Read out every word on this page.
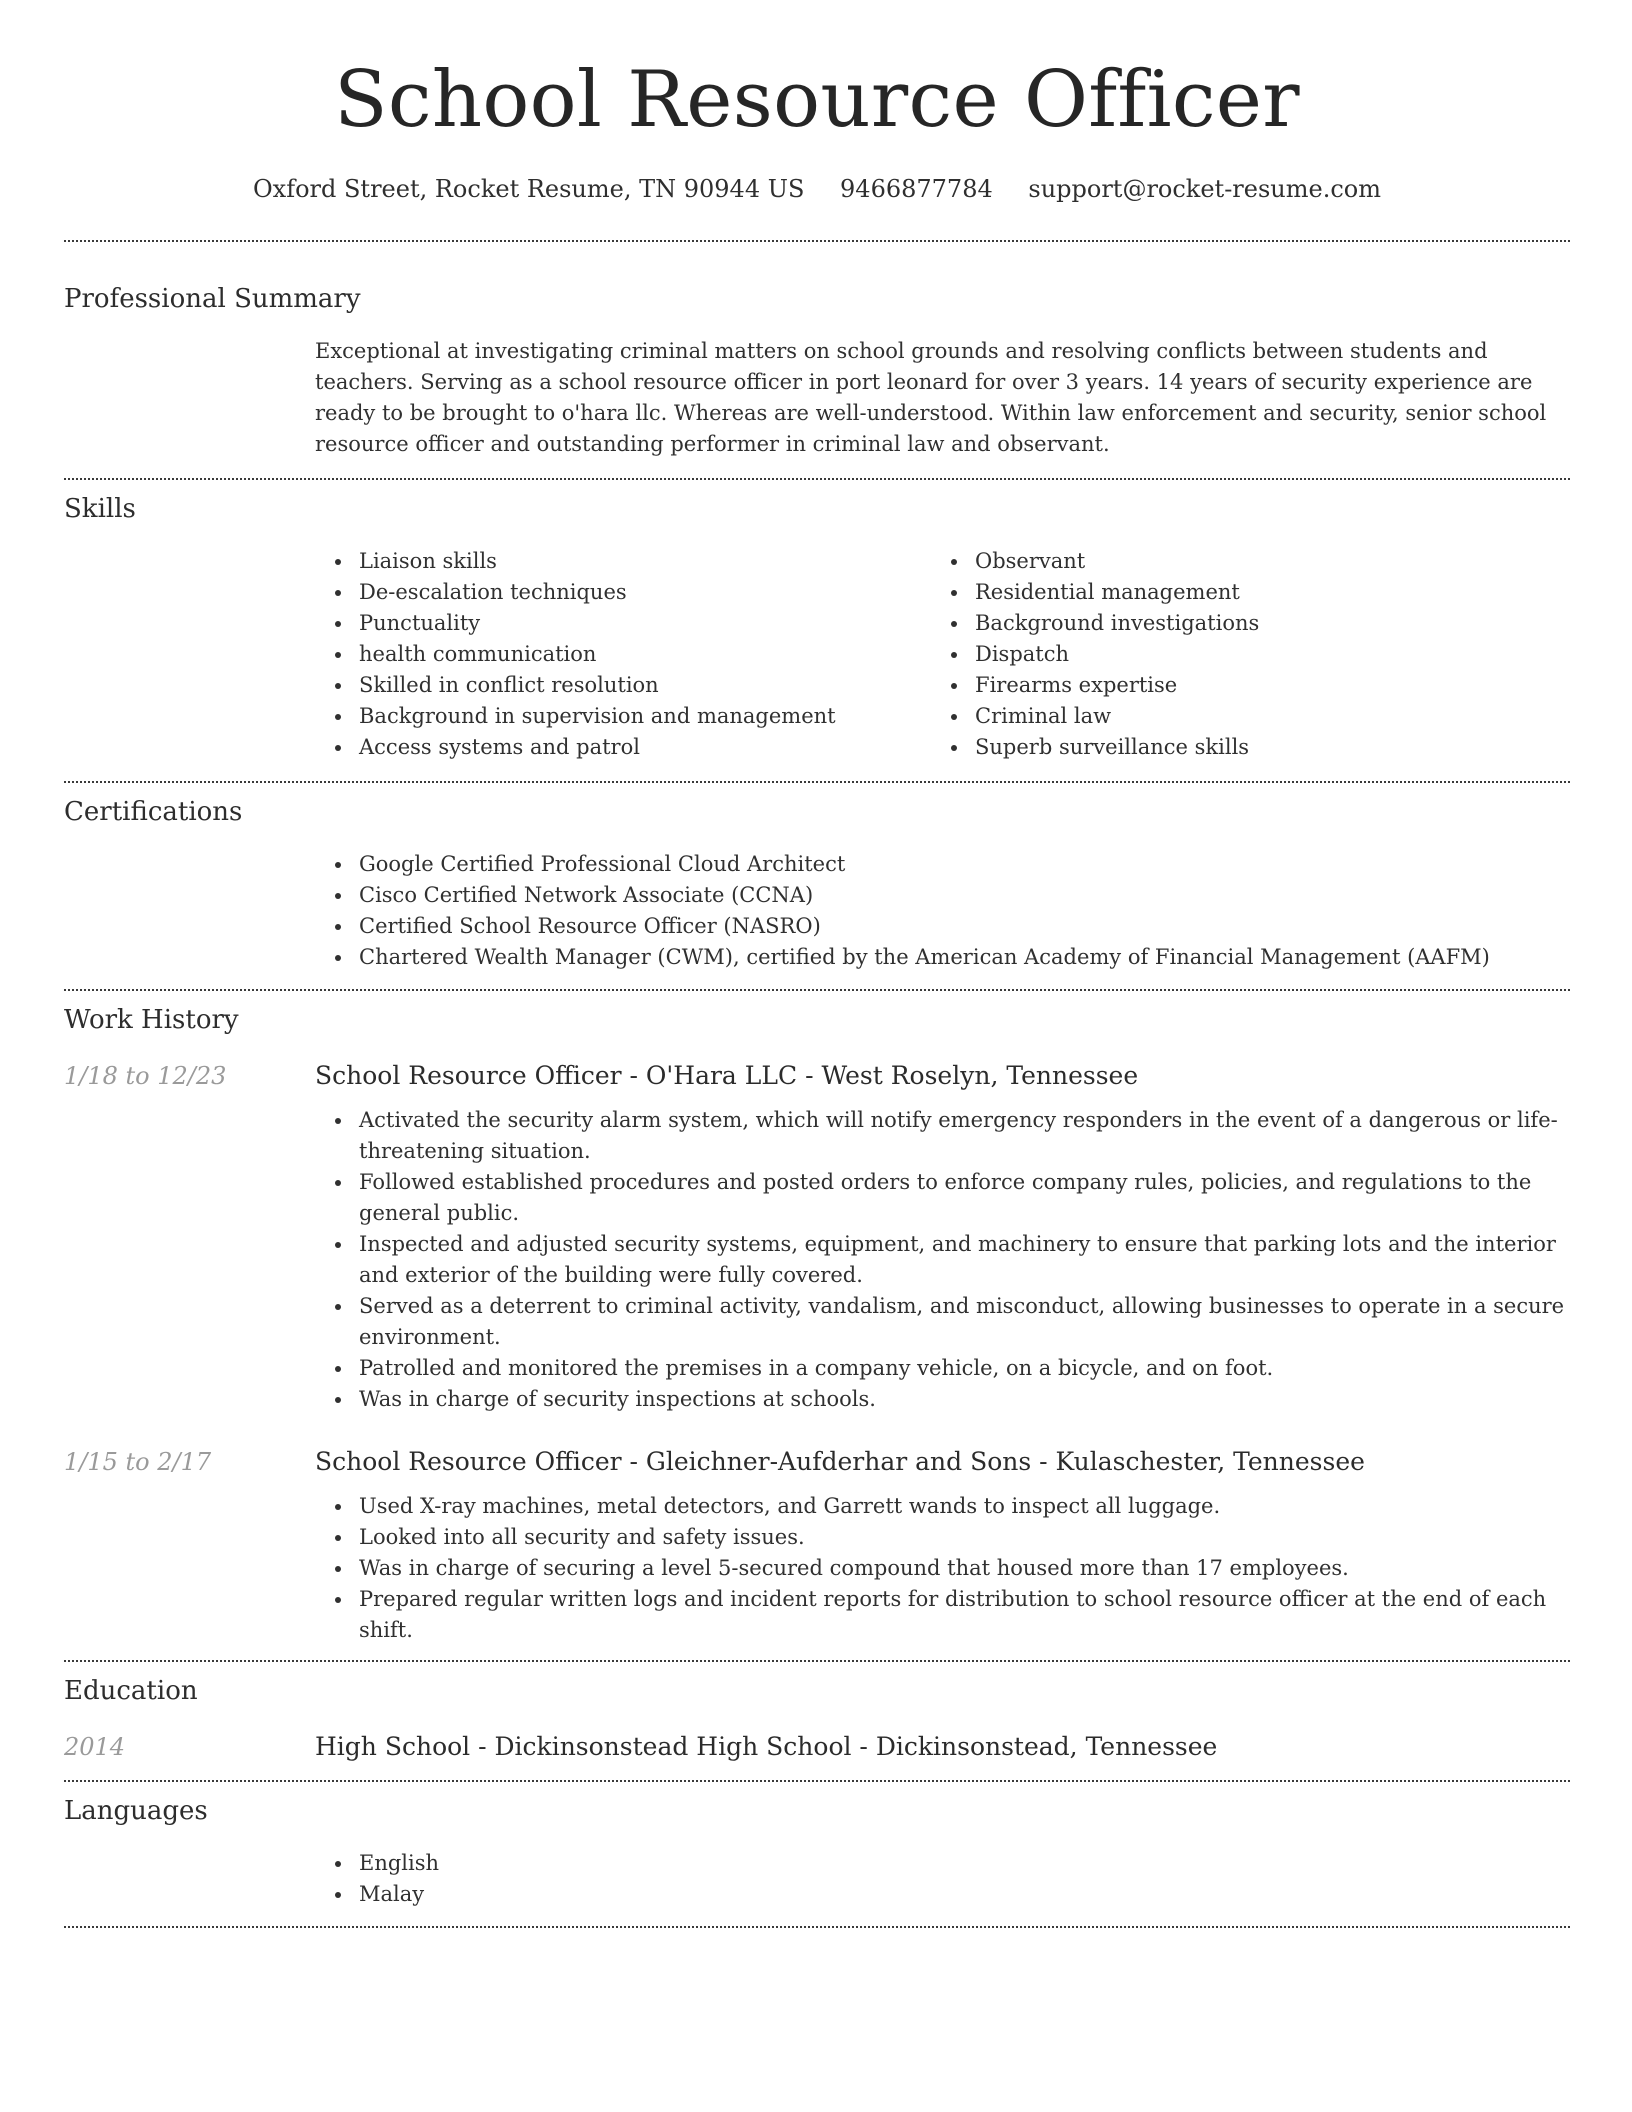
School Resource Officer
Oxford Street, Rocket Resume, TN 90944 US 9466877784 support@rocket-resume.com
Professional Summary

Exceptional at investigating criminal matters on school grounds and resolving conflicts between students and teachers. Serving as a school resource officer in port leonard for over 3 years. 14 years of security experience are ready to be brought to o'hara llc. Whereas are well-understood. Within law enforcement and security, senior school resource officer and outstanding performer in criminal law and observant.

Skills
Liaison skills
De-escalation techniques
Punctuality
health communication
Skilled in conflict resolution
Background in supervision and management
Access systems and patrol
Observant
Residential management
Background investigations
Dispatch
Firearms expertise
Criminal law
Superb surveillance skills
Certifications
Google Certified Professional Cloud Architect
Cisco Certified Network Associate (CCNA)
Certified School Resource Officer (NASRO)
Chartered Wealth Manager (CWM), certified by the American Academy of Financial Management (AAFM)
Work History
1/18 to 12/23	School Resource Officer - O'Hara LLC - West Roselyn, Tennessee
Activated the security alarm system, which will notify emergency responders in the event of a dangerous or life-threatening situation.
Followed established procedures and posted orders to enforce company rules, policies, and regulations to the general public.
Inspected and adjusted security systems, equipment, and machinery to ensure that parking lots and the interior and exterior of the building were fully covered.
Served as a deterrent to criminal activity, vandalism, and misconduct, allowing businesses to operate in a secure environment.
Patrolled and monitored the premises in a company vehicle, on a bicycle, and on foot.
Was in charge of security inspections at schools.
1/15 to 2/17	School Resource Officer - Gleichner-Aufderhar and Sons - Kulaschester, Tennessee
Used X-ray machines, metal detectors, and Garrett wands to inspect all luggage.
Looked into all security and safety issues.
Was in charge of securing a level 5-secured compound that housed more than 17 employees.
Prepared regular written logs and incident reports for distribution to school resource officer at the end of each shift.
Education
2014	High School - Dickinsonstead High School - Dickinsonstead, Tennessee
Languages
English
Malay
